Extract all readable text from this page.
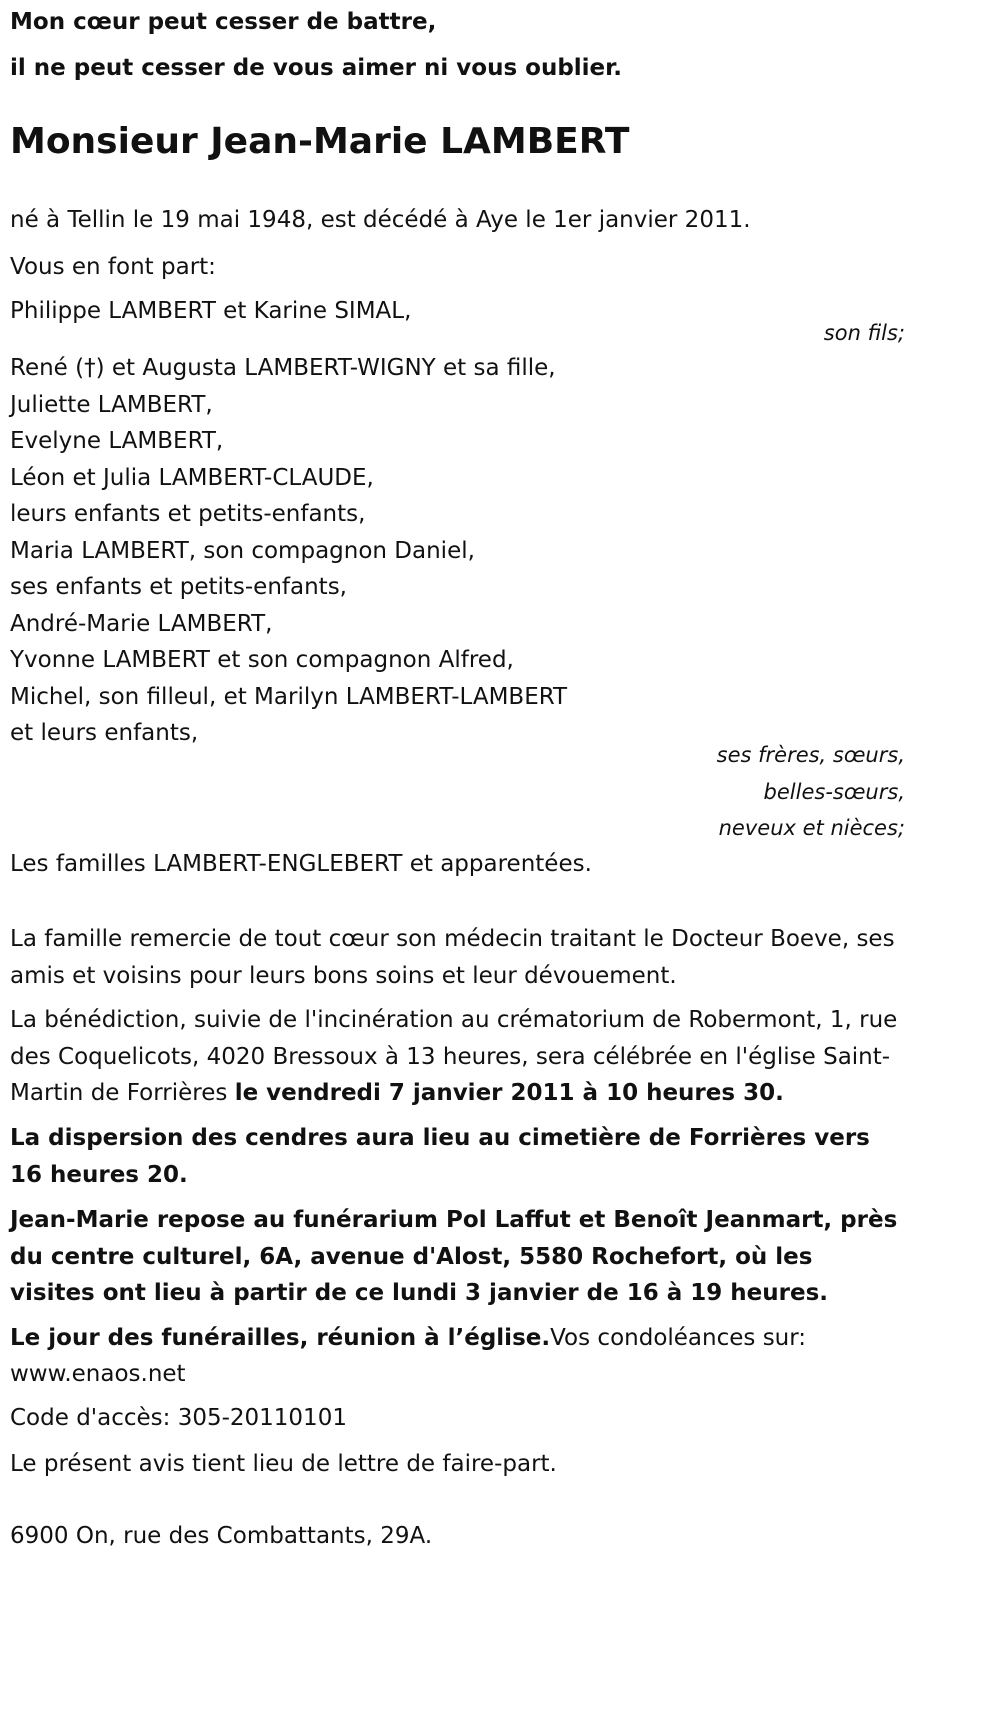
Mon cœur peut cesser de battre,
il ne peut cesser de vous aimer ni vous oublier.
Monsieur Jean-Marie LAMBERT
né à Tellin le 19 mai 1948, est décédé à Aye le 1er janvier 2011.
Vous en font part:
Philippe LAMBERT et Karine SIMAL,
son fils;
René (†) et Augusta LAMBERT-WIGNY et sa fille,
Juliette LAMBERT,
Evelyne LAMBERT,
Léon et Julia LAMBERT-CLAUDE,
leurs enfants et petits-enfants,
Maria LAMBERT, son compagnon Daniel,
ses enfants et petits-enfants,
André-Marie LAMBERT,
Yvonne LAMBERT et son compagnon Alfred,
Michel, son filleul, et Marilyn LAMBERT-LAMBERT
et leurs enfants,
ses frères, sœurs,
belles-sœurs,
neveux et nièces;
Les familles LAMBERT-ENGLEBERT et apparentées.
La famille remercie de tout cœur son médecin traitant le Docteur Boeve, ses amis et voisins pour leurs bons soins et leur dévouement.
La bénédiction, suivie de l'incinération au crématorium de Robermont, 1, rue des Coquelicots, 4020 Bressoux à 13 heures, sera célébrée en l'église Saint-Martin de Forrières le vendredi 7 janvier 2011 à 10 heures 30.
La dispersion des cendres aura lieu au cimetière de Forrières vers 16 heures 20.
Jean-Marie repose au funérarium Pol Laffut et Benoît Jeanmart, près du centre culturel, 6A, avenue d'Alost, 5580 Rochefort, où les visites ont lieu à partir de ce lundi 3 janvier de 16 à 19 heures.
Le jour des funérailles, réunion à l’église.Vos condoléances sur:
www.enaos.net
Code d'accès: 305-20110101
Le présent avis tient lieu de lettre de faire-part.
6900 On, rue des Combattants, 29A.
